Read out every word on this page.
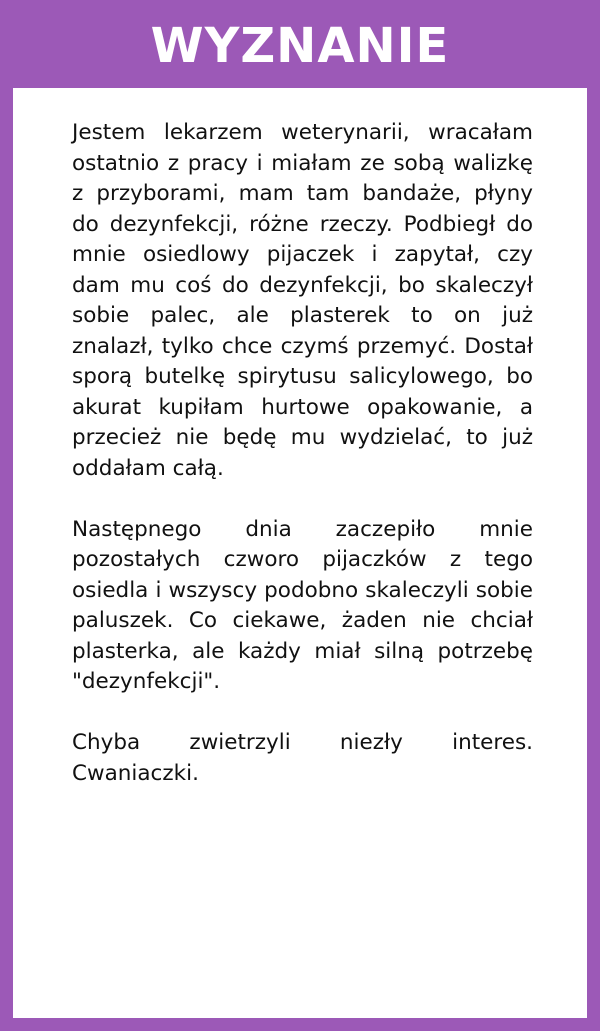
WYZNANIE

Jestem lekarzem weterynarii, wracałam ostatnio z pracy i miałam ze sobą walizkę z przyborami, mam tam bandaże, płyny do dezynfekcji, różne rzeczy. Podbiegł do mnie osiedlowy pijaczek i zapytał, czy dam mu coś do dezynfekcji, bo skaleczył sobie palec, ale plasterek to on już znalazł, tylko chce czymś przemyć. Dostał sporą butelkę spirytusu salicylowego, bo akurat kupiłam hurtowe opakowanie, a przecież nie będę mu wydzielać, to już oddałam całą.

Następnego dnia zaczepiło mnie pozostałych czworo pijaczków z tego osiedla i wszyscy podobno skaleczyli sobie paluszek. Co ciekawe, żaden nie chciał plasterka, ale każdy miał silną potrzebę "dezynfekcji".

Chyba zwietrzyli niezły interes. Cwaniaczki.
